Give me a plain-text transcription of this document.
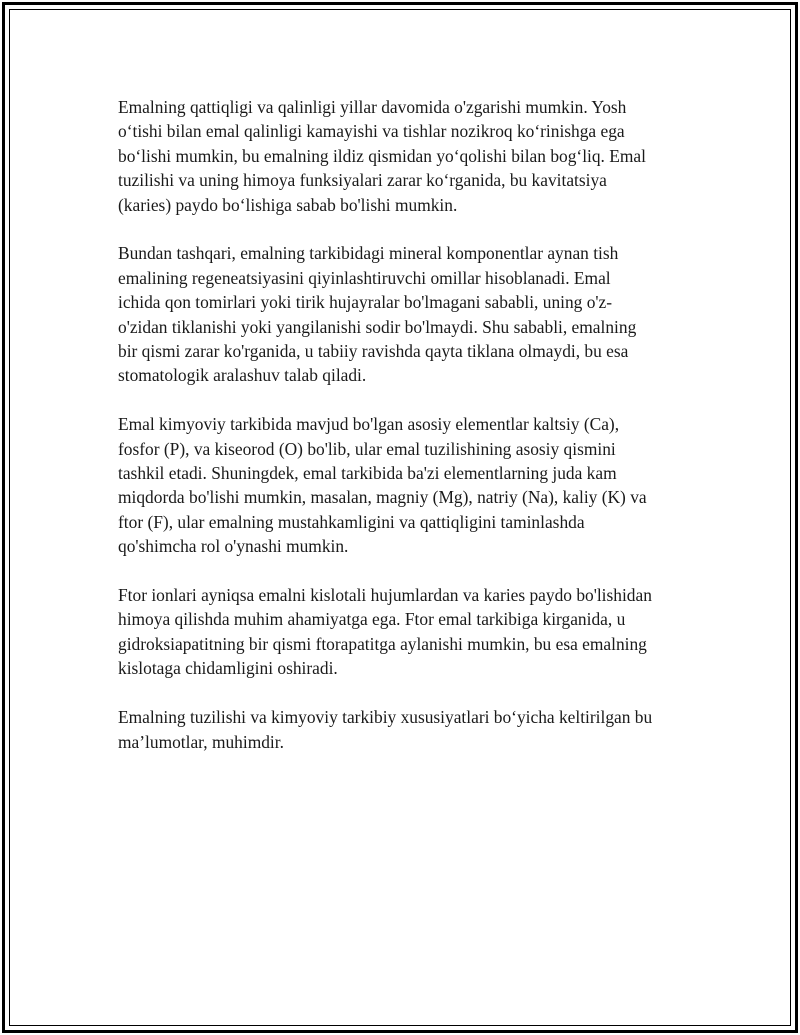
Emalning qattiqligi va qalinligi yillar davomida o'zgarishi mumkin. Yosh
o‘tishi bilan emal qalinligi kamayishi va tishlar nozikroq ko‘rinishga ega
bo‘lishi mumkin, bu emalning ildiz qismidan yo‘qolishi bilan bog‘liq. Emal
tuzilishi va uning himoya funksiyalari zarar ko‘rganida, bu kavitatsiya
(karies) paydo bo‘lishiga sabab bo'lishi mumkin.

Bundan tashqari, emalning tarkibidagi mineral komponentlar aynan tish
emalining regeneatsiyasini qiyinlashtiruvchi omillar hisoblanadi. Emal
ichida qon tomirlari yoki tirik hujayralar bo'lmagani sababli, uning o'z-
o'zidan tiklanishi yoki yangilanishi sodir bo'lmaydi. Shu sababli, emalning
bir qismi zarar ko'rganida, u tabiiy ravishda qayta tiklana olmaydi, bu esa
stomatologik aralashuv talab qiladi.

Emal kimyoviy tarkibida mavjud bo'lgan asosiy elementlar kaltsiy (Ca),
fosfor (P), va kiseorod (O) bo'lib, ular emal tuzilishining asosiy qismini
tashkil etadi. Shuningdek, emal tarkibida ba'zi elementlarning juda kam
miqdorda bo'lishi mumkin, masalan, magniy (Mg), natriy (Na), kaliy (K) va
ftor (F), ular emalning mustahkamligini va qattiqligini taminlashda
qo'shimcha rol o'ynashi mumkin.

Ftor ionlari ayniqsa emalni kislotali hujumlardan va karies paydo bo'lishidan
himoya qilishda muhim ahamiyatga ega. Ftor emal tarkibiga kirganida, u
gidroksiapatitning bir qismi ftorapatitga aylanishi mumkin, bu esa emalning
kislotaga chidamligini oshiradi.

Emalning tuzilishi va kimyoviy tarkibiy xususiyatlari bo‘yicha keltirilgan bu
ma’lumotlar, muhimdir.
